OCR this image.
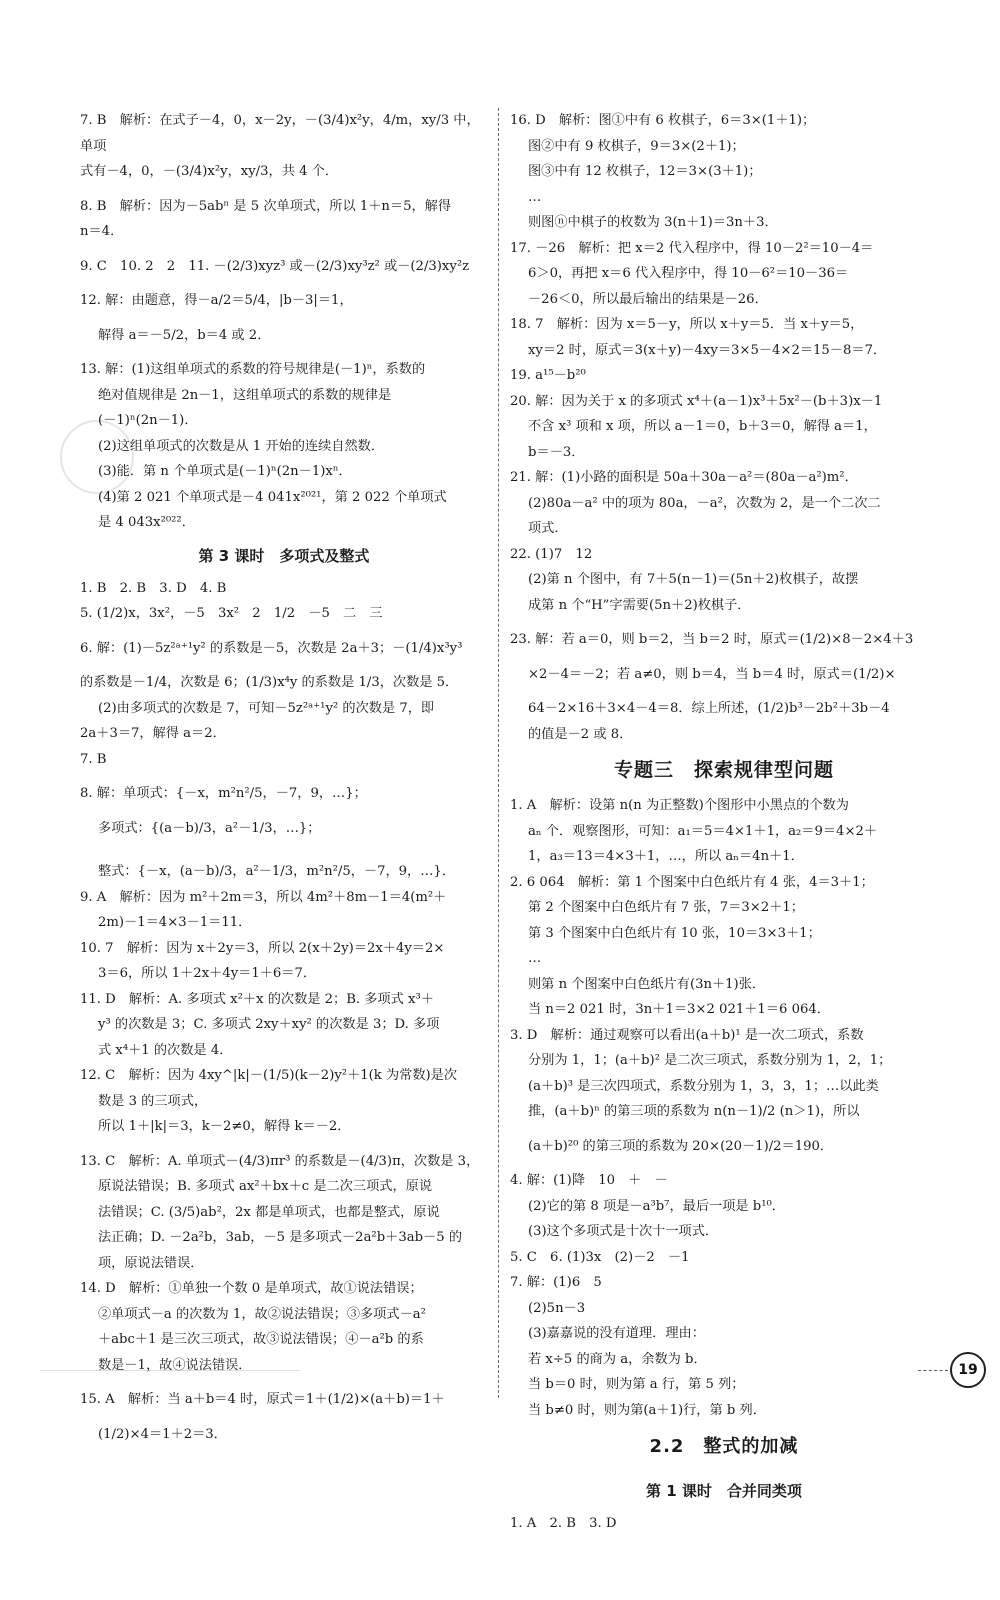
7. B　解析：在式子－4，0，x－2y，－(3/4)x²y，4/m，xy/3 中，单项

式有－4，0，－(3/4)x²y，xy/3，共 4 个．

8. B　解析：因为－5abⁿ 是 5 次单项式，所以 1＋n＝5，解得

n＝4．

9. C　10. 2　2　11. －(2/3)xyz³ 或－(2/3)xy³z² 或－(2/3)xy²z

12. 解：由题意，得－a/2＝5/4，|b－3|＝1，

解得 a＝－5/2，b＝4 或 2．

13. 解：(1)这组单项式的系数的符号规律是(－1)ⁿ，系数的

绝对值规律是 2n－1，这组单项式的系数的规律是

(－1)ⁿ(2n－1)．

(2)这组单项式的次数是从 1 开始的连续自然数．

(3)能．第 n 个单项式是(－1)ⁿ(2n－1)xⁿ．

(4)第 2 021 个单项式是－4 041x²⁰²¹，第 2 022 个单项式

是 4 043x²⁰²²．

第 3 课时　多项式及整式

1. B　2. B　3. D　4. B

5. (1/2)x，3x²，－5　3x²　2　1/2　－5　二　三

6. 解：(1)－5z²ᵃ⁺¹y² 的系数是－5，次数是 2a＋3；－(1/4)x³y³

的系数是－1/4，次数是 6；(1/3)x⁴y 的系数是 1/3，次数是 5．

(2)由多项式的次数是 7，可知－5z²ᵃ⁺¹y² 的次数是 7，即

2a＋3＝7，解得 a＝2．

7. B

8. 解：单项式：{－x，m²n²/5，－7，9，…}；

多项式：{(a－b)/3，a²－1/3，…}；

整式：{－x，(a－b)/3，a²－1/3，m²n²/5，－7，9，…}．

9. A　解析：因为 m²＋2m＝3，所以 4m²＋8m－1＝4(m²＋

2m)－1＝4×3－1＝11．

10. 7　解析：因为 x＋2y＝3，所以 2(x＋2y)＝2x＋4y＝2×

3＝6，所以 1＋2x＋4y＝1＋6＝7．

11. D　解析：A. 多项式 x²＋x 的次数是 2；B. 多项式 x³＋

y³ 的次数是 3；C. 多项式 2xy＋xy² 的次数是 3；D. 多项

式 x⁴＋1 的次数是 4．

12. C　解析：因为 4xy^|k|－(1/5)(k－2)y²＋1(k 为常数)是次

数是 3 的三项式，

所以 1＋|k|＝3，k－2≠0，解得 k＝－2．

13. C　解析：A. 单项式－(4/3)πr³ 的系数是－(4/3)π，次数是 3，

原说法错误；B. 多项式 ax²＋bx＋c 是二次三项式，原说

法错误；C. (3/5)ab²，2x 都是单项式，也都是整式，原说

法正确；D. －2a²b，3ab，－5 是多项式－2a²b＋3ab－5 的

项，原说法错误．

14. D　解析：①单独一个数 0 是单项式，故①说法错误；

②单项式－a 的次数为 1，故②说法错误；③多项式－a²

＋abc＋1 是三次三项式，故③说法错误；④－a²b 的系

数是－1，故④说法错误．

15. A　解析：当 a＋b＝4 时，原式＝1＋(1/2)×(a＋b)＝1＋

(1/2)×4＝1＋2＝3．

16. D　解析：图①中有 6 枚棋子，6＝3×(1＋1)；

图②中有 9 枚棋子，9＝3×(2＋1)；

图③中有 12 枚棋子，12＝3×(3＋1)；

…

则图ⓝ中棋子的枚数为 3(n＋1)＝3n＋3．

17. －26　解析：把 x＝2 代入程序中，得 10－2²＝10－4＝

6＞0，再把 x＝6 代入程序中，得 10－6²＝10－36＝

－26＜0，所以最后输出的结果是－26．

18. 7　解析：因为 x＝5－y，所以 x＋y＝5．当 x＋y＝5，

xy＝2 时，原式＝3(x＋y)－4xy＝3×5－4×2＝15－8＝7．

19. a¹⁵－b²⁰

20. 解：因为关于 x 的多项式 x⁴＋(a－1)x³＋5x²－(b＋3)x－1

不含 x³ 项和 x 项，所以 a－1＝0，b＋3＝0，解得 a＝1，

b＝－3．

21. 解：(1)小路的面积是 50a＋30a－a²＝(80a－a²)m²．

(2)80a－a² 中的项为 80a，－a²，次数为 2，是一个二次二

项式．

22. (1)7　12

(2)第 n 个图中，有 7＋5(n－1)＝(5n＋2)枚棋子，故摆

成第 n 个“H”字需要(5n＋2)枚棋子．

23. 解：若 a＝0，则 b＝2，当 b＝2 时，原式＝(1/2)×8－2×4＋3

×2－4＝－2；若 a≠0，则 b＝4，当 b＝4 时，原式＝(1/2)×

64－2×16＋3×4－4＝8．综上所述，(1/2)b³－2b²＋3b－4

的值是－2 或 8．

专题三　探索规律型问题

1. A　解析：设第 n(n 为正整数)个图形中小黑点的个数为

aₙ 个．观察图形，可知：a₁＝5＝4×1＋1，a₂＝9＝4×2＋

1，a₃＝13＝4×3＋1，…，所以 aₙ＝4n＋1．

2. 6 064　解析：第 1 个图案中白色纸片有 4 张，4＝3＋1；

第 2 个图案中白色纸片有 7 张，7＝3×2＋1；

第 3 个图案中白色纸片有 10 张，10＝3×3＋1；

…

则第 n 个图案中白色纸片有(3n＋1)张．

当 n＝2 021 时，3n＋1＝3×2 021＋1＝6 064．

3. D　解析：通过观察可以看出(a＋b)¹ 是一次二项式，系数

分别为 1，1；(a＋b)² 是二次三项式，系数分别为 1，2，1；

(a＋b)³ 是三次四项式，系数分别为 1，3，3，1；…以此类

推，(a＋b)ⁿ 的第三项的系数为 n(n－1)/2 (n＞1)，所以

(a＋b)²⁰ 的第三项的系数为 20×(20－1)/2＝190．

4. 解：(1)降　10　＋　－

(2)它的第 8 项是－a³b⁷，最后一项是 b¹⁰．

(3)这个多项式是十次十一项式．

5. C　6. (1)3x　(2)－2　－1

7. 解：(1)6　5

(2)5n－3

(3)嘉嘉说的没有道理．理由：

若 x÷5 的商为 a，余数为 b．

当 b＝0 时，则为第 a 行，第 5 列；

当 b≠0 时，则为第(a＋1)行，第 b 列．

2.2　整式的加减

第 1 课时　合并同类项

1. A　2. B　3. D

19
